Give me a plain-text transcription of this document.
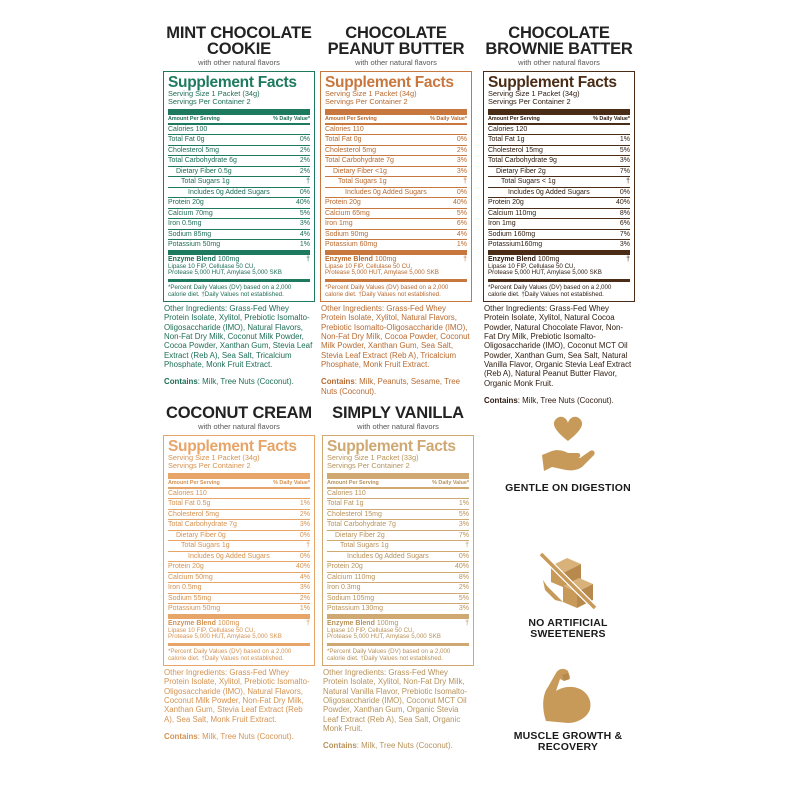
MINT CHOCOLATE COOKIE
with other natural flavors
Supplement Facts
Serving Size 1 Packet (34g)
Servings Per Container 2
Amount Per Serving	% Daily Value*
Calories 100
Total Fat 0g	0%
Cholesterol 5mg	2%
Total Carbohydrate 6g	2%
Dietary Fiber 0.5g	2%
Total Sugars 1g	†
Includes 0g Added Sugars	0%
Protein 20g	40%
Calcium 70mg	5%
Iron 0.5mg	3%
Sodium 85mg	4%
Potassium 50mg	1%
Enzyme Blend 100mg	†
Lipase 10 FIP, Cellulase 50 CU,
Protease 5,000 HUT, Amylase 5,000 SKB
*Percent Daily Values (DV) based on a 2,000 calorie diet. †Daily Values not established.
Other Ingredients: Grass-Fed Whey Protein Isolate, Xylitol, Prebiotic Isomalto-Oligosaccharide (IMO), Natural Flavors, Non-Fat Dry Milk, Coconut Milk Powder, Cocoa Powder, Xanthan Gum, Stevia Leaf Extract (Reb A), Sea Salt, Tricalcium Phosphate, Monk Fruit Extract.
Contains: Milk, Tree Nuts (Coconut).
CHOCOLATE PEANUT BUTTER
with other natural flavors
Supplement Facts
Serving Size 1 Packet (34g)
Servings Per Container 2
Amount Per Serving	% Daily Value*
Calories 110
Total Fat 0g	0%
Cholesterol 5mg	2%
Total Carbohydrate 7g	3%
Dietary Fiber <1g	3%
Total Sugars 1g	†
Includes 0g Added Sugars	0%
Protein 20g	40%
Calcium 65mg	5%
Iron 1mg	6%
Sodium 90mg	4%
Potassium 60mg	1%
Enzyme Blend 100mg	†
Lipase 10 FIP, Cellulase 50 CU,
Protease 5,000 HUT, Amylase 5,000 SKB
*Percent Daily Values (DV) based on a 2,000 calorie diet. †Daily Values not established.
Other Ingredients: Grass-Fed Whey Protein Isolate, Xylitol, Natural Flavors, Prebiotic Isomalto-Oligosaccharide (IMO), Non-Fat Dry Milk, Cocoa Powder, Coconut Milk Powder, Xanthan Gum, Sea Salt, Stevia Leaf Extract (Reb A), Tricalcium Phosphate, Monk Fruit Extract.
Contains: Milk, Peanuts, Sesame, Tree Nuts (Coconut).
CHOCOLATE BROWNIE BATTER
with other natural flavors
Supplement Facts
Serving Size 1 Packet (34g)
Servings Per Container 2
Amount Per Serving	% Daily Value*
Calories 120
Total Fat 1g	1%
Cholesterol 15mg	5%
Total Carbohydrate 9g	3%
Dietary Fiber 2g	7%
Total Sugars < 1g	†
Includes 0g Added Sugars	0%
Protein 20g	40%
Calcium 110mg	8%
Iron 1mg	6%
Sodium 160mg	7%
Potassium160mg	3%
Enzyme Blend 100mg	†
Lipase 10 FIP, Cellulase 50 CU,
Protease 5,000 HUT, Amylase 5,000 SKB
*Percent Daily Values (DV) based on a 2,000 calorie diet. †Daily Values not established.
Other Ingredients: Grass-Fed Whey Protein Isolate, Xylitol, Natural Cocoa Powder, Natural Chocolate Flavor, Non-Fat Dry Milk, Prebiotic Isomalto-Oligosaccharide (IMO), Coconut MCT Oil Powder, Xanthan Gum, Sea Salt, Natural Vanilla Flavor, Organic Stevia Leaf Extract (Reb A), Natural Peanut Butter Flavor, Organic Monk Fruit.
Contains: Milk, Tree Nuts (Coconut).
COCONUT CREAM
with other natural flavors
Supplement Facts
Serving Size 1 Packet (34g)
Servings Per Container 2
Amount Per Serving	% Daily Value*
Calories 110
Total Fat 0.5g	1%
Cholesterol 5mg	2%
Total Carbohydrate 7g	3%
Dietary Fiber 0g	0%
Total Sugars 1g	†
Includes 0g Added Sugars	0%
Protein 20g	40%
Calcium 50mg	4%
Iron 0.5mg	3%
Sodium 55mg	2%
Potassium 50mg	1%
Enzyme Blend 100mg	†
Lipase 10 FIP, Cellulase 50 CU,
Protease 5,000 HUT, Amylase 5,000 SKB
*Percent Daily Values (DV) based on a 2,000 calorie diet. †Daily Values not established.
Other Ingredients: Grass-Fed Whey Protein Isolate, Xylitol, Prebiotic Isomalto-Oligosaccharide (IMO), Natural Flavors, Coconut Milk Powder, Non-Fat Dry Milk, Xanthan Gum, Stevia Leaf Extract (Reb A), Sea Salt, Monk Fruit Extract.
Contains: Milk, Tree Nuts (Coconut).
SIMPLY VANILLA
with other natural flavors
Supplement Facts
Serving Size 1 Packet (33g)
Servings Per Container 2
Amount Per Serving	% Daily Value*
Calories 110
Total Fat 1g	1%
Cholesterol 15mg	5%
Total Carbohydrate 7g	3%
Dietary Fiber 2g	7%
Total Sugars 1g	†
Includes 0g Added Sugars	0%
Protein 20g	40%
Calcium 110mg	8%
Iron 0.3mg	2%
Sodium 105mg	5%
Potassium 130mg	3%
Enzyme Blend 100mg	†
Lipase 10 FIP, Cellulase 50 CU,
Protease 5,000 HUT, Amylase 5,000 SKB
*Percent Daily Values (DV) based on a 2,000 calorie diet. †Daily Values not established.
Other Ingredients: Grass-Fed Whey Protein Isolate, Xylitol, Non-Fat Dry Milk, Natural Vanilla Flavor, Prebiotic Isomalto-Oligosaccharide (IMO), Coconut MCT Oil Powder, Xanthan Gum, Organic Stevia Leaf Extract (Reb A), Sea Salt, Organic Monk Fruit.
Contains: Milk, Tree Nuts (Coconut).
GENTLE ON DIGESTION
NO ARTIFICIAL SWEETENERS
MUSCLE GROWTH & RECOVERY
